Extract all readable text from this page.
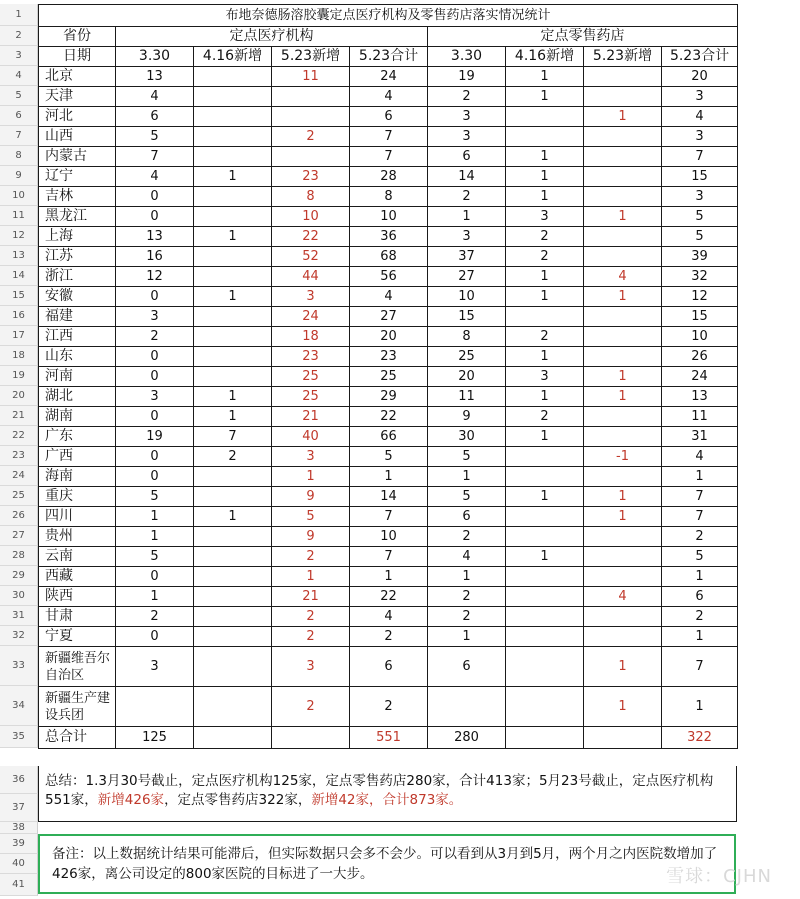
1
2
3
4
5
6
7
8
9
10
11
12
13
14
15
16
17
18
19
20
21
22
23
24
25
26
27
28
29
30
31
32
33
34
35
36
37
38
39
40
41
布地奈德肠溶胶囊定点医疗机构及零售药店落实情况统计								
省份	定点医疗机构				定点零售药店			
日期	3.30	4.16新增	5.23新增	5.23合计	3.30	4.16新增	5.23新增	5.23合计
北京	13		11	24	19	1		20
天津	4			4	2	1		3
河北	6			6	3		1	4
山西	5		2	7	3			3
内蒙古	7			7	6	1		7
辽宁	4	1	23	28	14	1		15
吉林	0		8	8	2	1		3
黑龙江	0		10	10	1	3	1	5
上海	13	1	22	36	3	2		5
江苏	16		52	68	37	2		39
浙江	12		44	56	27	1	4	32
安徽	0	1	3	4	10	1	1	12
福建	3		24	27	15			15
江西	2		18	20	8	2		10
山东	0		23	23	25	1		26
河南	0		25	25	20	3	1	24
湖北	3	1	25	29	11	1	1	13
湖南	0	1	21	22	9	2		11
广东	19	7	40	66	30	1		31
广西	0	2	3	5	5		-1	4
海南	0		1	1	1			1
重庆	5		9	14	5	1	1	7
四川	1	1	5	7	6		1	7
贵州	1		9	10	2			2
云南	5		2	7	4	1		5
西藏	0		1	1	1			1
陕西	1		21	22	2		4	6
甘肃	2		2	4	2			2
宁夏	0		2	2	1			1
新疆维吾尔自治区	3		3	6	6		1	7
新疆生产建设兵团			2	2			1	1
总合计	125			551	280			322
总结：1.3月30号截止，定点医疗机构125家，定点零售药店280家，合计413家；5月23号截止，定点医疗机构551家，新增426家，定点零售药店322家，新增42家，合计873家。
备注：以上数据统计结果可能滞后，但实际数据只会多不会少。可以看到从3月到5月，两个月之内医院数增加了426家，离公司设定的800家医院的目标进了一大步。	雪球：CJHN
